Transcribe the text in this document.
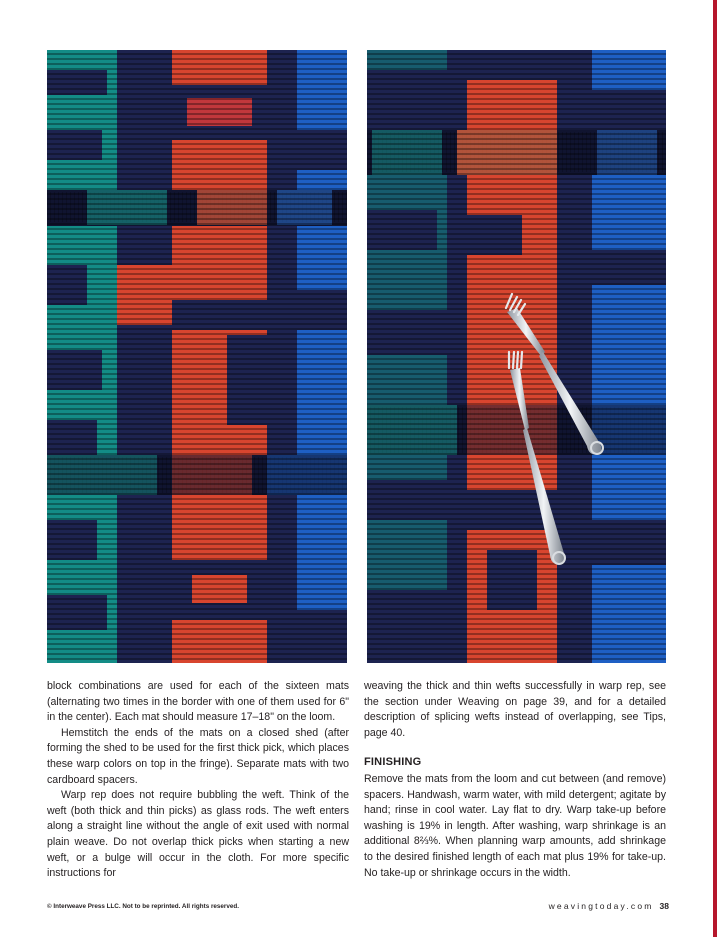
block combinations are used for each of the sixteen mats (alternating two times in the border with one of them used for 6" in the center). Each mat should measure 17–18" on the loom.

Hemstitch the ends of the mats on a closed shed (after forming the shed to be used for the first thick pick, which places these warp colors on top in the fringe). Separate mats with two cardboard spacers.

Warp rep does not require bubbling the weft. Think of the weft (both thick and thin picks) as glass rods. The weft enters along a straight line without the angle of exit used with normal plain weave. Do not overlap thick picks when starting a new weft, or a bulge will occur in the cloth. For more specific instructions for

weaving the thick and thin wefts successfully in warp rep, see the section under Weaving on page 39, and for a detailed description of splicing wefts instead of overlapping, see Tips, page 40.

FINISHING

Remove the mats from the loom and cut between (and remove) spacers. Handwash, warm water, with mild detergent; agitate by hand; rinse in cool water. Lay flat to dry. Warp take-up before washing is 19% in length. After washing, warp shrinkage is an additional 8⅔%. When planning warp amounts, add shrinkage to the desired finished length of each mat plus 19% for take-up. No take-up or shrinkage occurs in the width.

© Interweave Press LLC. Not to be reprinted. All rights reserved.	weavingtoday.com 38
